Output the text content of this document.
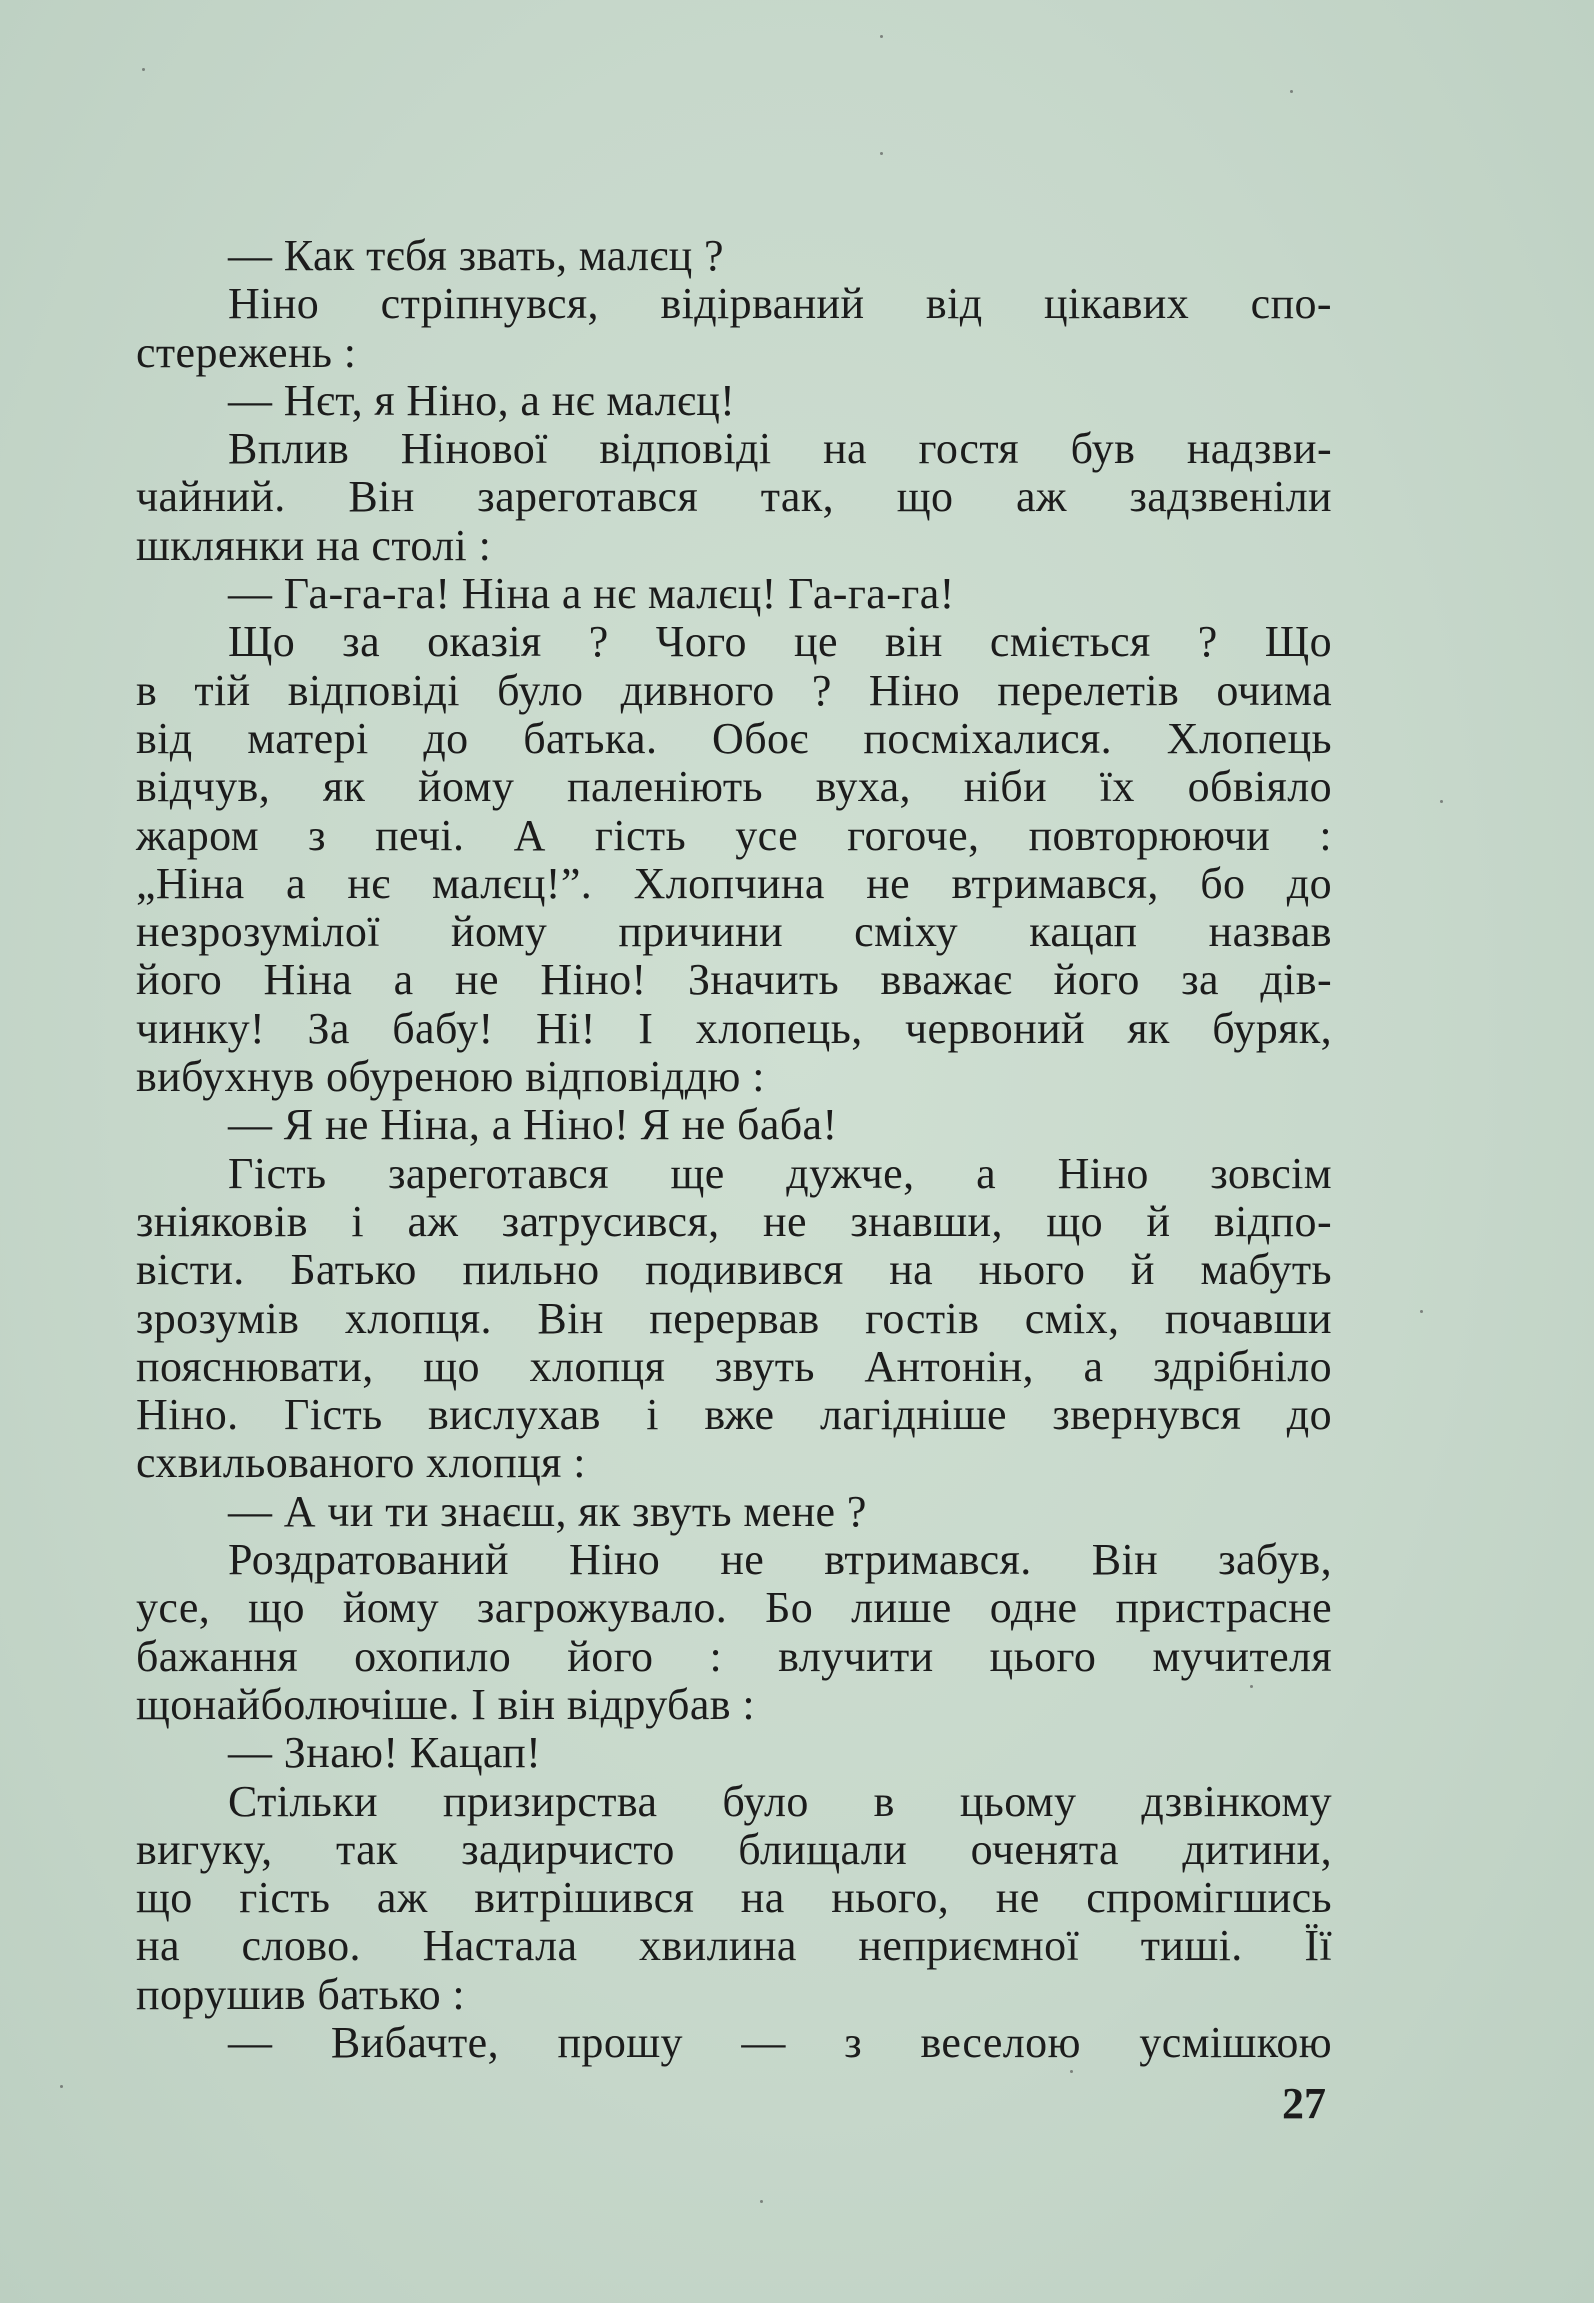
— Как тєбя звать, малєц ?
Ніно стріпнувся, відірваний від цікавих спо-
стережень :
— Нєт, я Ніно, а нє малєц!
Вплив Нінової відповіді на гостя був надзви-
чайний. Він зареготався так, що аж задзвеніли
шклянки на столі :
— Га-га-га! Ніна а нє малєц! Га-га-га!
Що за оказія ? Чого це він сміється ? Що
в тій відповіді було дивного ? Ніно перелетів очима
від матері до батька. Обоє посміхалися. Хлопець
відчув, як йому паленіють вуха, ніби їх обвіяло
жаром з печі. А гість усе гогоче, повторюючи :
„Ніна а нє малєц!”. Хлопчина не втримався, бо до
незрозумілої йому причини сміху кацап назвав
його Ніна а не Ніно! Значить вважає його за дів-
чинку! За бабу! Ні! І хлопець, червоний як буряк,
вибухнув обуреною відповіддю :
— Я не Ніна, а Ніно! Я не баба!
Гість зареготався ще дужче, а Ніно зовсім
зніяковів і аж затрусився, не знавши, що й відпо-
вісти. Батько пильно подивився на нього й мабуть
зрозумів хлопця. Він перервав гостів сміх, почавши
пояснювати, що хлопця звуть Антонін, а здрібніло
Ніно. Гість вислухав і вже лагідніше звернувся до
схвильованого хлопця :
— А чи ти знаєш, як звуть мене ?
Роздратований Ніно не втримався. Він забув,
усе, що йому загрожувало. Бо лише одне пристрасне
бажання охопило його : влучити цього мучителя
щонайболючіше. І він відрубав :
— Знаю! Кацап!
Стільки призирства було в цьому дзвінкому
вигуку, так задирчисто блищали оченята дитини,
що гість аж витрішився на нього, не спромігшись
на слово. Настала хвилина неприємної тиші. Її
порушив батько :
— Вибачте, прошу — з веселою усмішкою
27
